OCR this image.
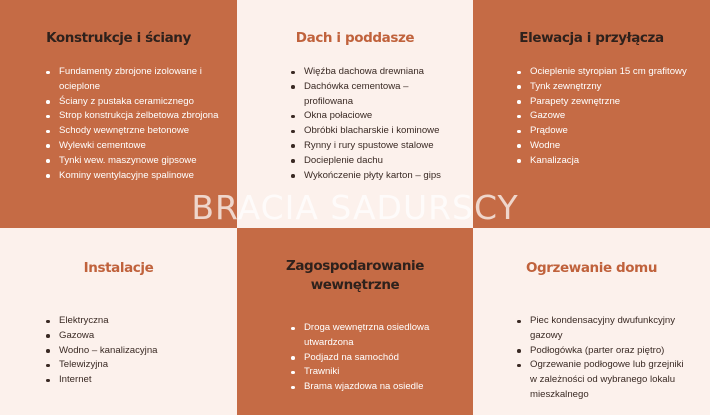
Konstrukcje i ściany
Fundamenty zbrojone izolowane i ocieplone
Ściany z pustaka ceramicznego
Strop konstrukcja żelbetowa zbrojona
Schody wewnętrzne betonowe
Wylewki cementowe
Tynki wew. maszynowe gipsowe
Kominy wentylacyjne spalinowe
Dach i poddasze
Więźba dachowa drewniana
Dachówka cementowa – profilowana
Okna połaciowe
Obróbki blacharskie i kominowe
Rynny i rury spustowe stalowe
Docieplenie dachu
Wykończenie płyty karton – gips
Elewacja i przyłącza
Ocieplenie styropian 15 cm grafitowy
Tynk zewnętrzny
Parapety zewnętrzne
Gazowe
Prądowe
Wodne
Kanalizacja
Instalacje
Elektryczna
Gazowa
Wodno – kanalizacyjna
Telewizyjna
Internet
Zagospodarowanie wewnętrzne
Droga wewnętrzna osiedlowa utwardzona
Podjazd na samochód
Trawniki
Brama wjazdowa na osiedle
Ogrzewanie domu
Piec kondensacyjny dwufunkcyjny gazowy
Podłogówka (parter oraz piętro)
Ogrzewanie podłogowe lub grzejniki w zależności od wybranego lokalu mieszkalnego
BRACIA SADURSCY
